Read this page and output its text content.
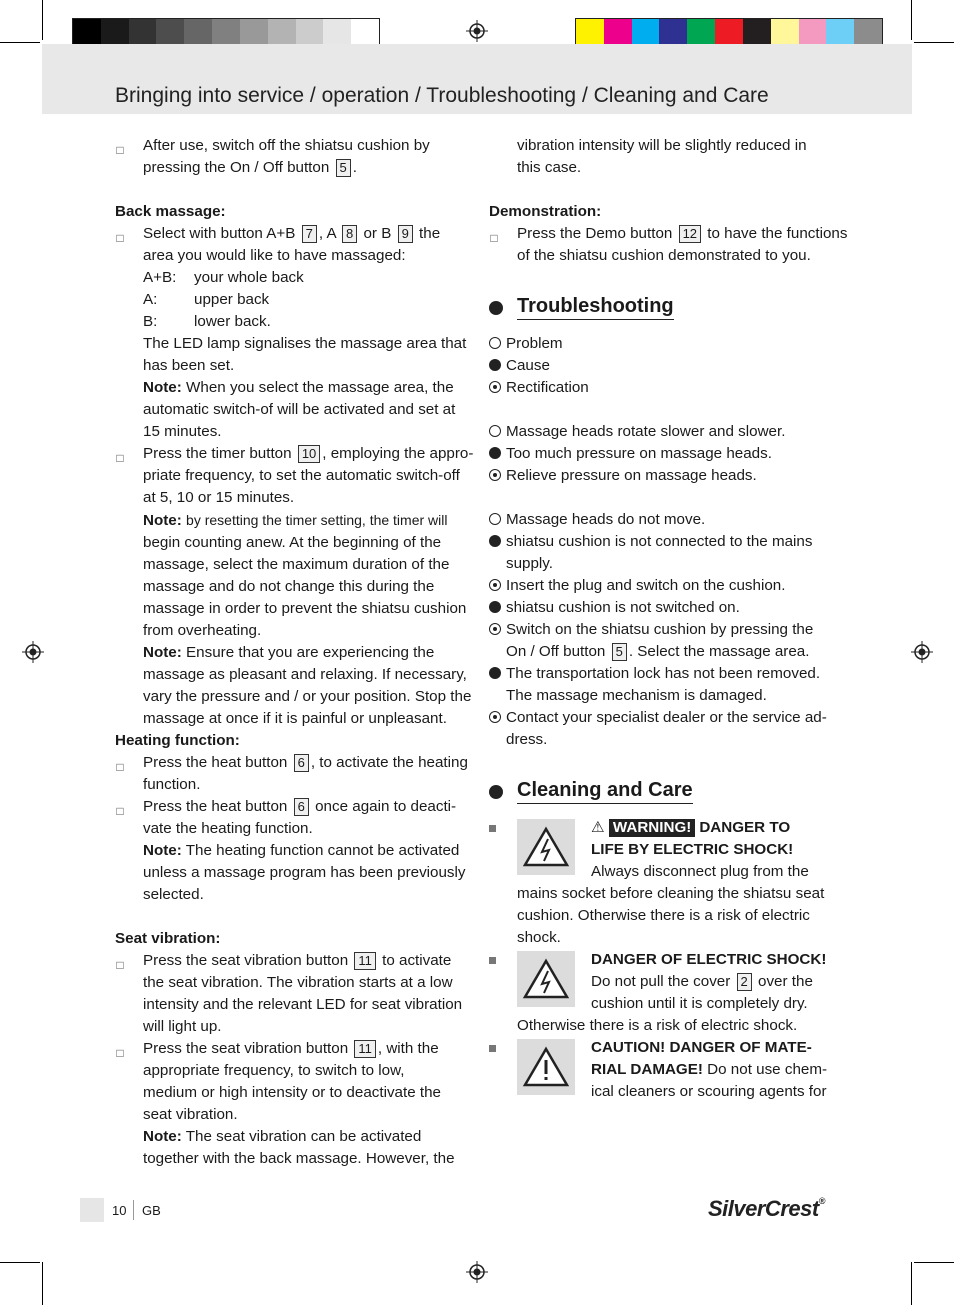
Bringing into service / operation / Troubleshooting / Cleaning and Care
□ After use, switch off the shiatsu cushion by
pressing the On / Off button 5 .
Back massage:
□ Select with button A+B 7 , A 8 or B 9 the
area you would like to have massaged:
A+B: your whole back
A: upper back
B: lower back.
The LED lamp signalises the massage area that
has been set.
Note: When you select the massage area, the
automatic switch-of will be activated and set at
15 minutes.
□ Press the timer button 10 , employing the appro-
priate frequency, to set the automatic switch-off
at 5, 10 or 15 minutes.
Note: by resetting the timer setting, the timer will
begin counting anew. At the beginning of the
massage, select the maximum duration of the
massage and do not change this during the
massage in order to prevent the shiatsu cushion
from overheating.
Note: Ensure that you are experiencing the
massage as pleasant and relaxing. If necessary,
vary the pressure and / or your position. Stop the
massage at once if it is painful or unpleasant.
Heating function:
□ Press the heat button 6 , to activate the heating
function.
□ Press the heat button 6 once again to deacti-
vate the heating function.
Note: The heating function cannot be activated
unless a massage program has been previously
selected.
Seat vibration:
□ Press the seat vibration button 11 to activate
the seat vibration. The vibration starts at a low
intensity and the relevant LED for seat vibration
will light up.
□ Press the seat vibration button 11 , with the
appropriate frequency, to switch to low,
medium or high intensity or to deactivate the
seat vibration.
Note: The seat vibration can be activated
together with the back massage. However, the
vibration intensity will be slightly reduced in
this case.
Demonstration:
□ Press the Demo button 12 to have the functions
of the shiatsu cushion demonstrated to you.
Troubleshooting
Problem
Cause
Rectification
Massage heads rotate slower and slower.
Too much pressure on massage heads.
Relieve pressure on massage heads.
Massage heads do not move.
shiatsu cushion is not connected to the mains
supply.
Insert the plug and switch on the cushion.
shiatsu cushion is not switched on.
Switch on the shiatsu cushion by pressing the
On / Off button 5 . Select the massage area.
The transportation lock has not been removed.
The massage mechanism is damaged.
Contact your specialist dealer or the service ad-
dress.
Cleaning and Care
⚠ WARNING! DANGER TO
LIFE BY ELECTRIC SHOCK!
Always disconnect plug from the
mains socket before cleaning the shiatsu seat
cushion. Otherwise there is a risk of electric
shock.
DANGER OF ELECTRIC SHOCK!
Do not pull the cover 2 over the
cushion until it is completely dry.
Otherwise there is a risk of electric shock.
CAUTION! DANGER OF MATE-
RIAL DAMAGE! Do not use chem-
ical cleaners or scouring agents for
10 GB	SilverCrest®
